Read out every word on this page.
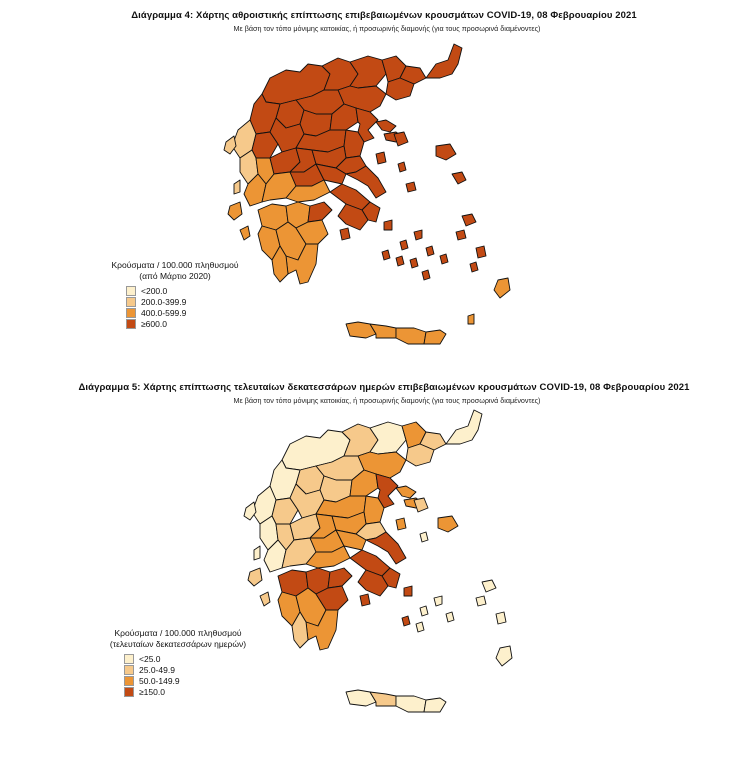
Διάγραμμα 4: Χάρτης αθροιστικής επίπτωσης επιβεβαιωμένων κρουσμάτων COVID-19, 08 Φεβρουαρίου 2021
Με βάση τον τόπο μόνιμης κατοικίας, ή προσωρινής διαμονής (για τους προσωρινά διαμένοντες)
Κρούσματα / 100.000 πληθυσμού
(από Μάρτιο 2020)
<200.0
200.0-399.9
400.0-599.9
≥600.0
Διάγραμμα 5: Χάρτης επίπτωσης τελευταίων δεκατεσσάρων ημερών επιβεβαιωμένων κρουσμάτων COVID-19, 08 Φεβρουαρίου 2021
Με βάση τον τόπο μόνιμης κατοικίας, ή προσωρινής διαμονής (για τους προσωρινά διαμένοντες)
Κρούσματα / 100.000 πληθυσμού
(τελευταίων δεκατεσσάρων ημερών)
<25.0
25.0-49.9
50.0-149.9
≥150.0
